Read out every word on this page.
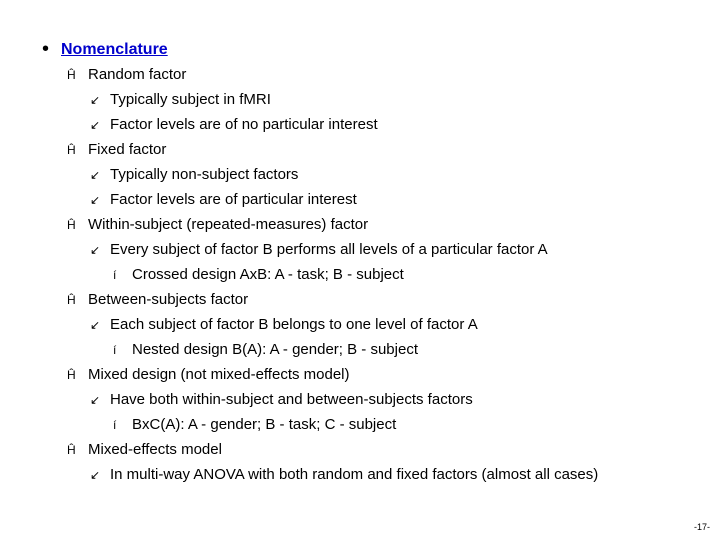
• Nomenclature
Ĥ Random factor
↙ Typically subject in fMRI
↙ Factor levels are of no particular interest
Ĥ Fixed factor
↙ Typically non-subject factors
↙ Factor levels are of particular interest
Ĥ Within-subject (repeated-measures) factor
↙ Every subject of factor B performs all levels of a particular factor A
í Crossed design AxB: A - task; B - subject
Ĥ Between-subjects factor
↙ Each subject of factor B belongs to one level of factor A
í Nested design B(A): A - gender; B - subject
Ĥ Mixed design (not mixed-effects model)
↙ Have both within-subject and between-subjects factors
í BxC(A): A - gender; B - task; C - subject
Ĥ Mixed-effects model
↙ In multi-way ANOVA with both random and fixed factors (almost all cases)
-17-
